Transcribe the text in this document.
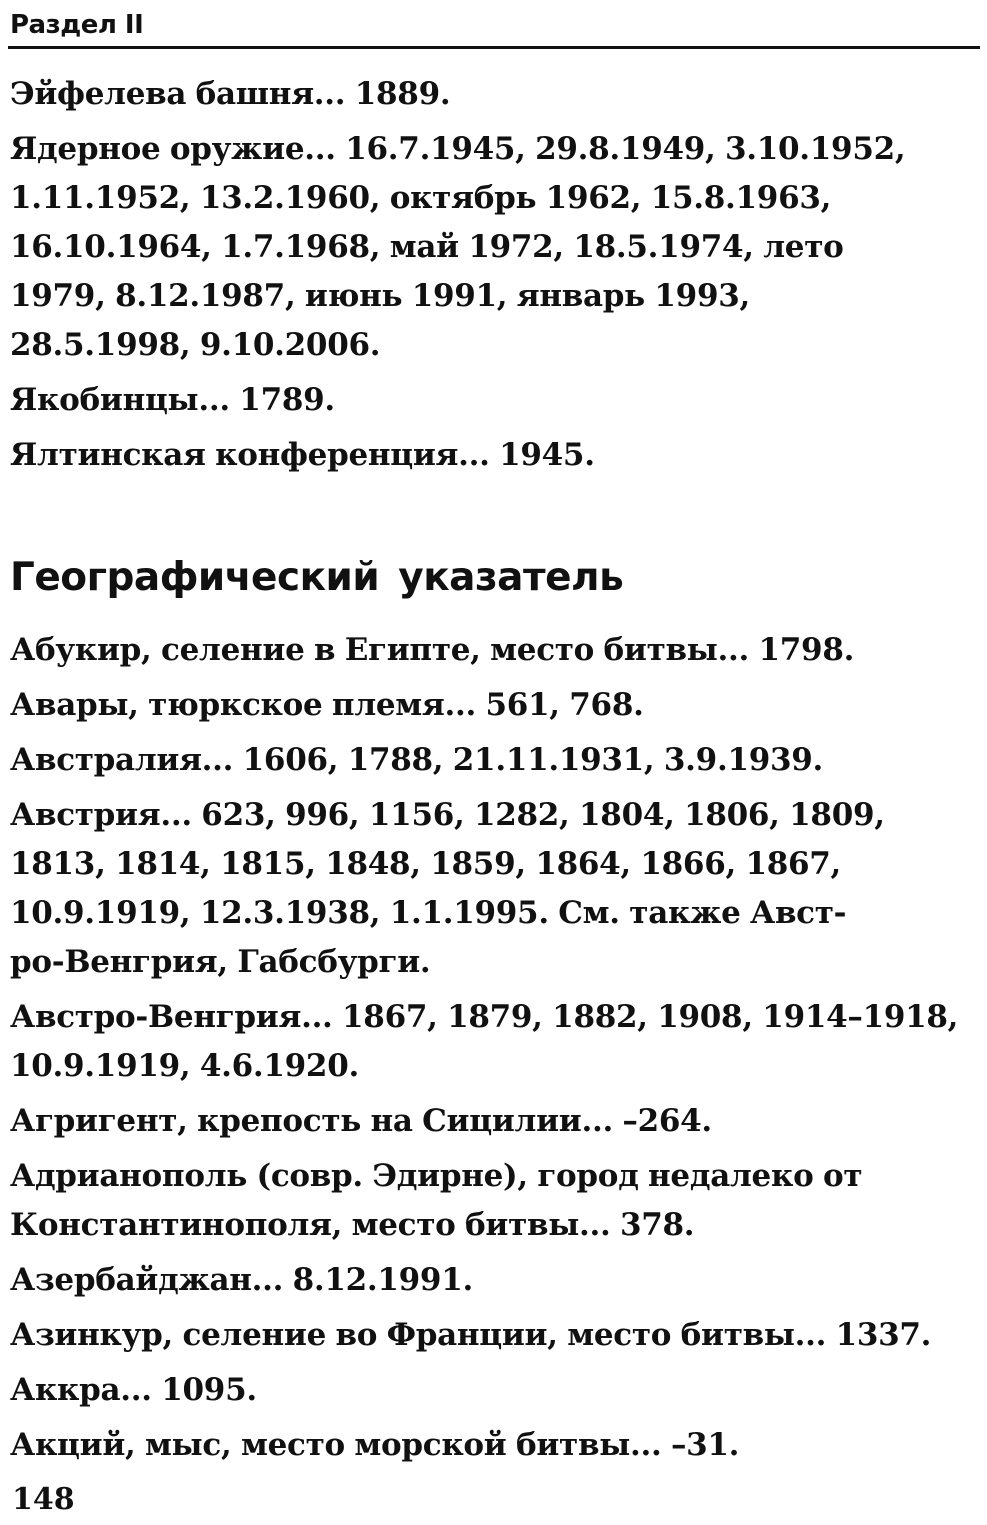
Раздел II
Эйфелева башня... 1889.
Ядерное оружие... 16.7.1945, 29.8.1949, 3.10.1952,
1.11.1952, 13.2.1960, октябрь 1962, 15.8.1963,
16.10.1964, 1.7.1968, май 1972, 18.5.1974, лето
1979, 8.12.1987, июнь 1991, январь 1993,
28.5.1998, 9.10.2006.
Якобинцы... 1789.
Ялтинская конференция... 1945.
Географический указатель
Абукир, селение в Египте, место битвы... 1798.
Авары, тюркское племя... 561, 768.
Австралия... 1606, 1788, 21.11.1931, 3.9.1939.
Австрия... 623, 996, 1156, 1282, 1804, 1806, 1809,
1813, 1814, 1815, 1848, 1859, 1864, 1866, 1867,
10.9.1919, 12.3.1938, 1.1.1995. См. также Авст-
ро-Венгрия, Габсбурги.
Австро-Венгрия... 1867, 1879, 1882, 1908, 1914–1918,
10.9.1919, 4.6.1920.
Агригент, крепость на Сицилии... –264.
Адрианополь (совр. Эдирне), город недалеко от
Константинополя, место битвы... 378.
Азербайджан... 8.12.1991.
Азинкур, селение во Франции, место битвы... 1337.
Аккра... 1095.
Акций, мыс, место морской битвы... –31.
148
